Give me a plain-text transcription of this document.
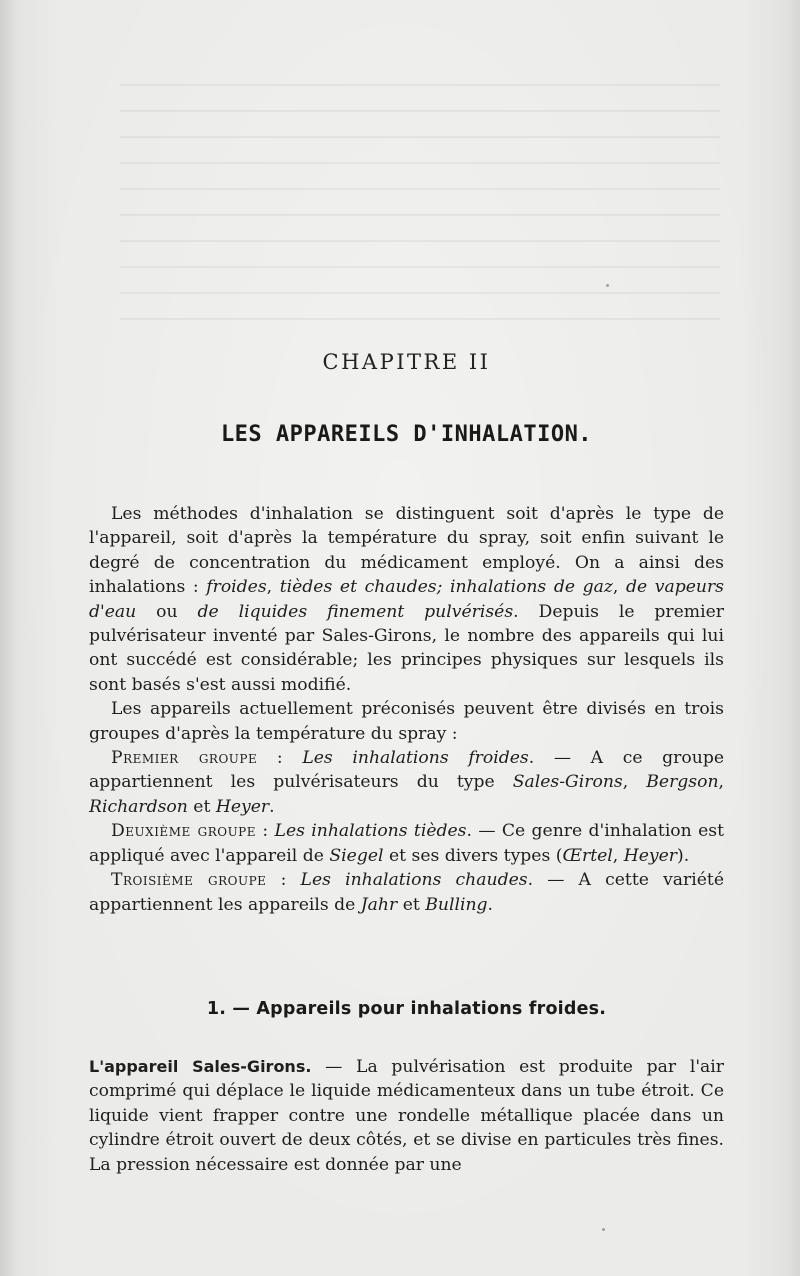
CHAPITRE II
LES APPAREILS D'INHALATION.

Les méthodes d'inhalation se distinguent soit d'après le type de l'appareil, soit d'après la température du spray, soit enfin suivant le degré de concentration du médicament employé. On a ainsi des inhalations : froides, tièdes et chaudes; inhalations de gaz, de vapeurs d'eau ou de liquides finement pulvérisés. Depuis le premier pulvérisateur inventé par Sales-Girons, le nombre des appareils qui lui ont succédé est considérable; les principes physiques sur lesquels ils sont basés s'est aussi modifié.

Les appareils actuellement préconisés peuvent être divisés en trois groupes d'après la température du spray :

Premier groupe : Les inhalations froides. — A ce groupe appartiennent les pulvérisateurs du type Sales-Girons, Bergson, Richardson et Heyer.

Deuxième groupe : Les inhalations tièdes. — Ce genre d'inhalation est appliqué avec l'appareil de Siegel et ses divers types (Œrtel, Heyer).

Troisième groupe : Les inhalations chaudes. — A cette variété appartiennent les appareils de Jahr et Bulling.

1. — Appareils pour inhalations froides.

L'appareil Sales-Girons. — La pulvérisation est produite par l'air comprimé qui déplace le liquide médicamenteux dans un tube étroit. Ce liquide vient frapper contre une rondelle métallique placée dans un cylindre étroit ouvert de deux côtés, et se divise en particules très fines. La pression nécessaire est donnée par une
